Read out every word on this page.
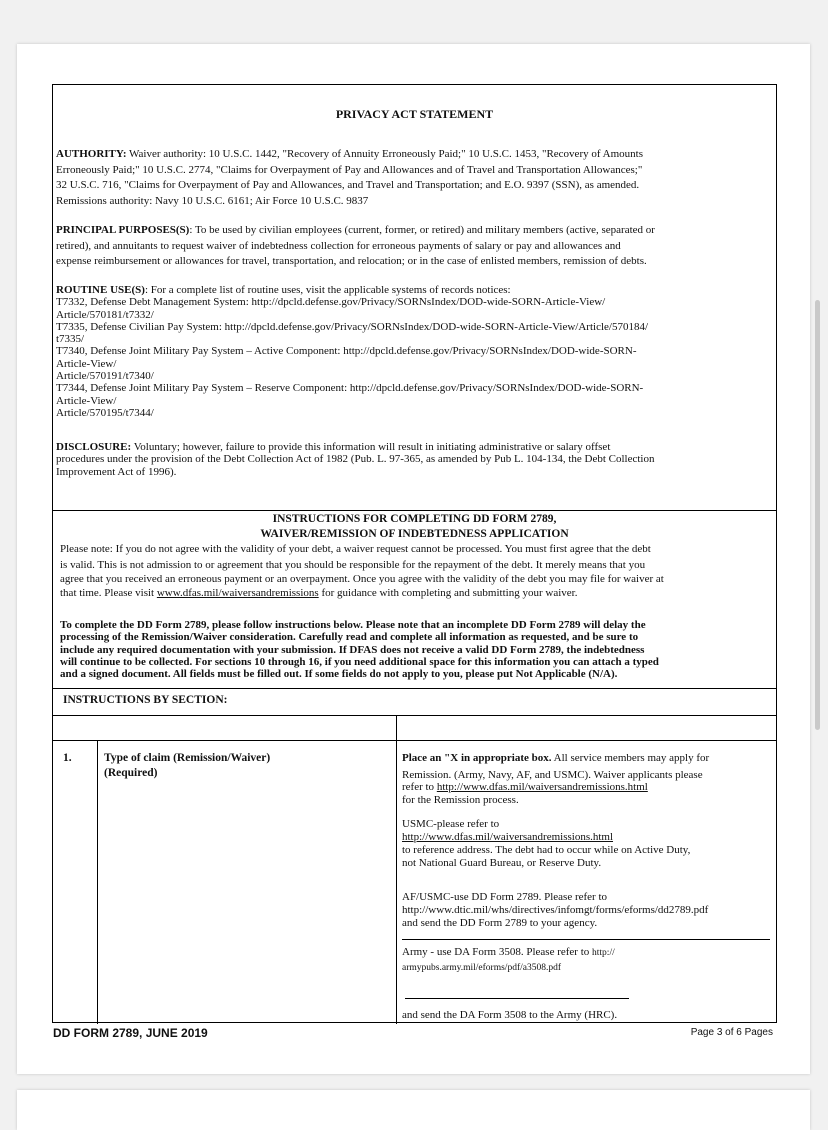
PRIVACY ACT STATEMENT
AUTHORITY: Waiver authority: 10 U.S.C. 1442, "Recovery of Annuity Erroneously Paid;" 10 U.S.C. 1453, "Recovery of Amounts
Erroneously Paid;" 10 U.S.C. 2774, "Claims for Overpayment of Pay and Allowances and of Travel and Transportation Allowances;"
32 U.S.C. 716, "Claims for Overpayment of Pay and Allowances, and Travel and Transportation; and E.O. 9397 (SSN), as amended.
Remissions authority: Navy 10 U.S.C. 6161; Air Force 10 U.S.C. 9837
PRINCIPAL PURPOSES(S): To be used by civilian employees (current, former, or retired) and military members (active, separated or
retired), and annuitants to request waiver of indebtedness collection for erroneous payments of salary or pay and allowances and
expense reimbursement or allowances for travel, transportation, and relocation; or in the case of enlisted members, remission of debts.
ROUTINE USE(S): For a complete list of routine uses, visit the applicable systems of records notices:
T7332, Defense Debt Management System: http://dpcld.defense.gov/Privacy/SORNsIndex/DOD-wide-SORN-Article-View/
Article/570181/t7332/
T7335, Defense Civilian Pay System: http://dpcld.defense.gov/Privacy/SORNsIndex/DOD-wide-SORN-Article-View/Article/570184/
t7335/
T7340, Defense Joint Military Pay System – Active Component: http://dpcld.defense.gov/Privacy/SORNsIndex/DOD-wide-SORN-
Article-View/
Article/570191/t7340/
T7344, Defense Joint Military Pay System – Reserve Component: http://dpcld.defense.gov/Privacy/SORNsIndex/DOD-wide-SORN-
Article-View/
Article/570195/t7344/
DISCLOSURE: Voluntary; however, failure to provide this information will result in initiating administrative or salary offset
procedures under the provision of the Debt Collection Act of 1982 (Pub. L. 97-365, as amended by Pub L. 104-134, the Debt Collection
Improvement Act of 1996).
INSTRUCTIONS FOR COMPLETING DD FORM 2789,
WAIVER/REMISSION OF INDEBTEDNESS APPLICATION
Please note: If you do not agree with the validity of your debt, a waiver request cannot be processed. You must first agree that the debt
is valid. This is not admission to or agreement that you should be responsible for the repayment of the debt. It merely means that you
agree that you received an erroneous payment or an overpayment. Once you agree with the validity of the debt you may file for waiver at
that time. Please visit www.dfas.mil/waiversandremissions for guidance with completing and submitting your waiver.
To complete the DD Form 2789, please follow instructions below. Please note that an incomplete DD Form 2789 will delay the
processing of the Remission/Waiver consideration. Carefully read and complete all information as requested, and be sure to
include any required documentation with your submission. If DFAS does not receive a valid DD Form 2789, the indebtedness
will continue to be collected. For sections 10 through 16, if you need additional space for this information you can attach a typed
and a signed document. All fields must be filled out. If some fields do not apply to you, please put Not Applicable (N/A).
INSTRUCTIONS BY SECTION:
1.	Type of claim (Remission/Waiver)
(Required)
Place an "X in appropriate box. All service members may apply for
Remission. (Army, Navy, AF, and USMC). Waiver applicants please
refer to http://www.dfas.mil/waiversandremissions.html
for the Remission process.
USMC-please refer to
http://www.dfas.mil/waiversandremissions.html
to reference address. The debt had to occur while on Active Duty,
not National Guard Bureau, or Reserve Duty.
AF/USMC-use DD Form 2789. Please refer to
http://www.dtic.mil/whs/directives/infomgt/forms/eforms/dd2789.pdf
and send the DD Form 2789 to your agency.
Army - use DA Form 3508. Please refer to http://
armypubs.army.mil/eforms/pdf/a3508.pdf
and send the DA Form 3508 to the Army (HRC).
DD FORM 2789, JUNE 2019	Page 3 of 6 Pages
